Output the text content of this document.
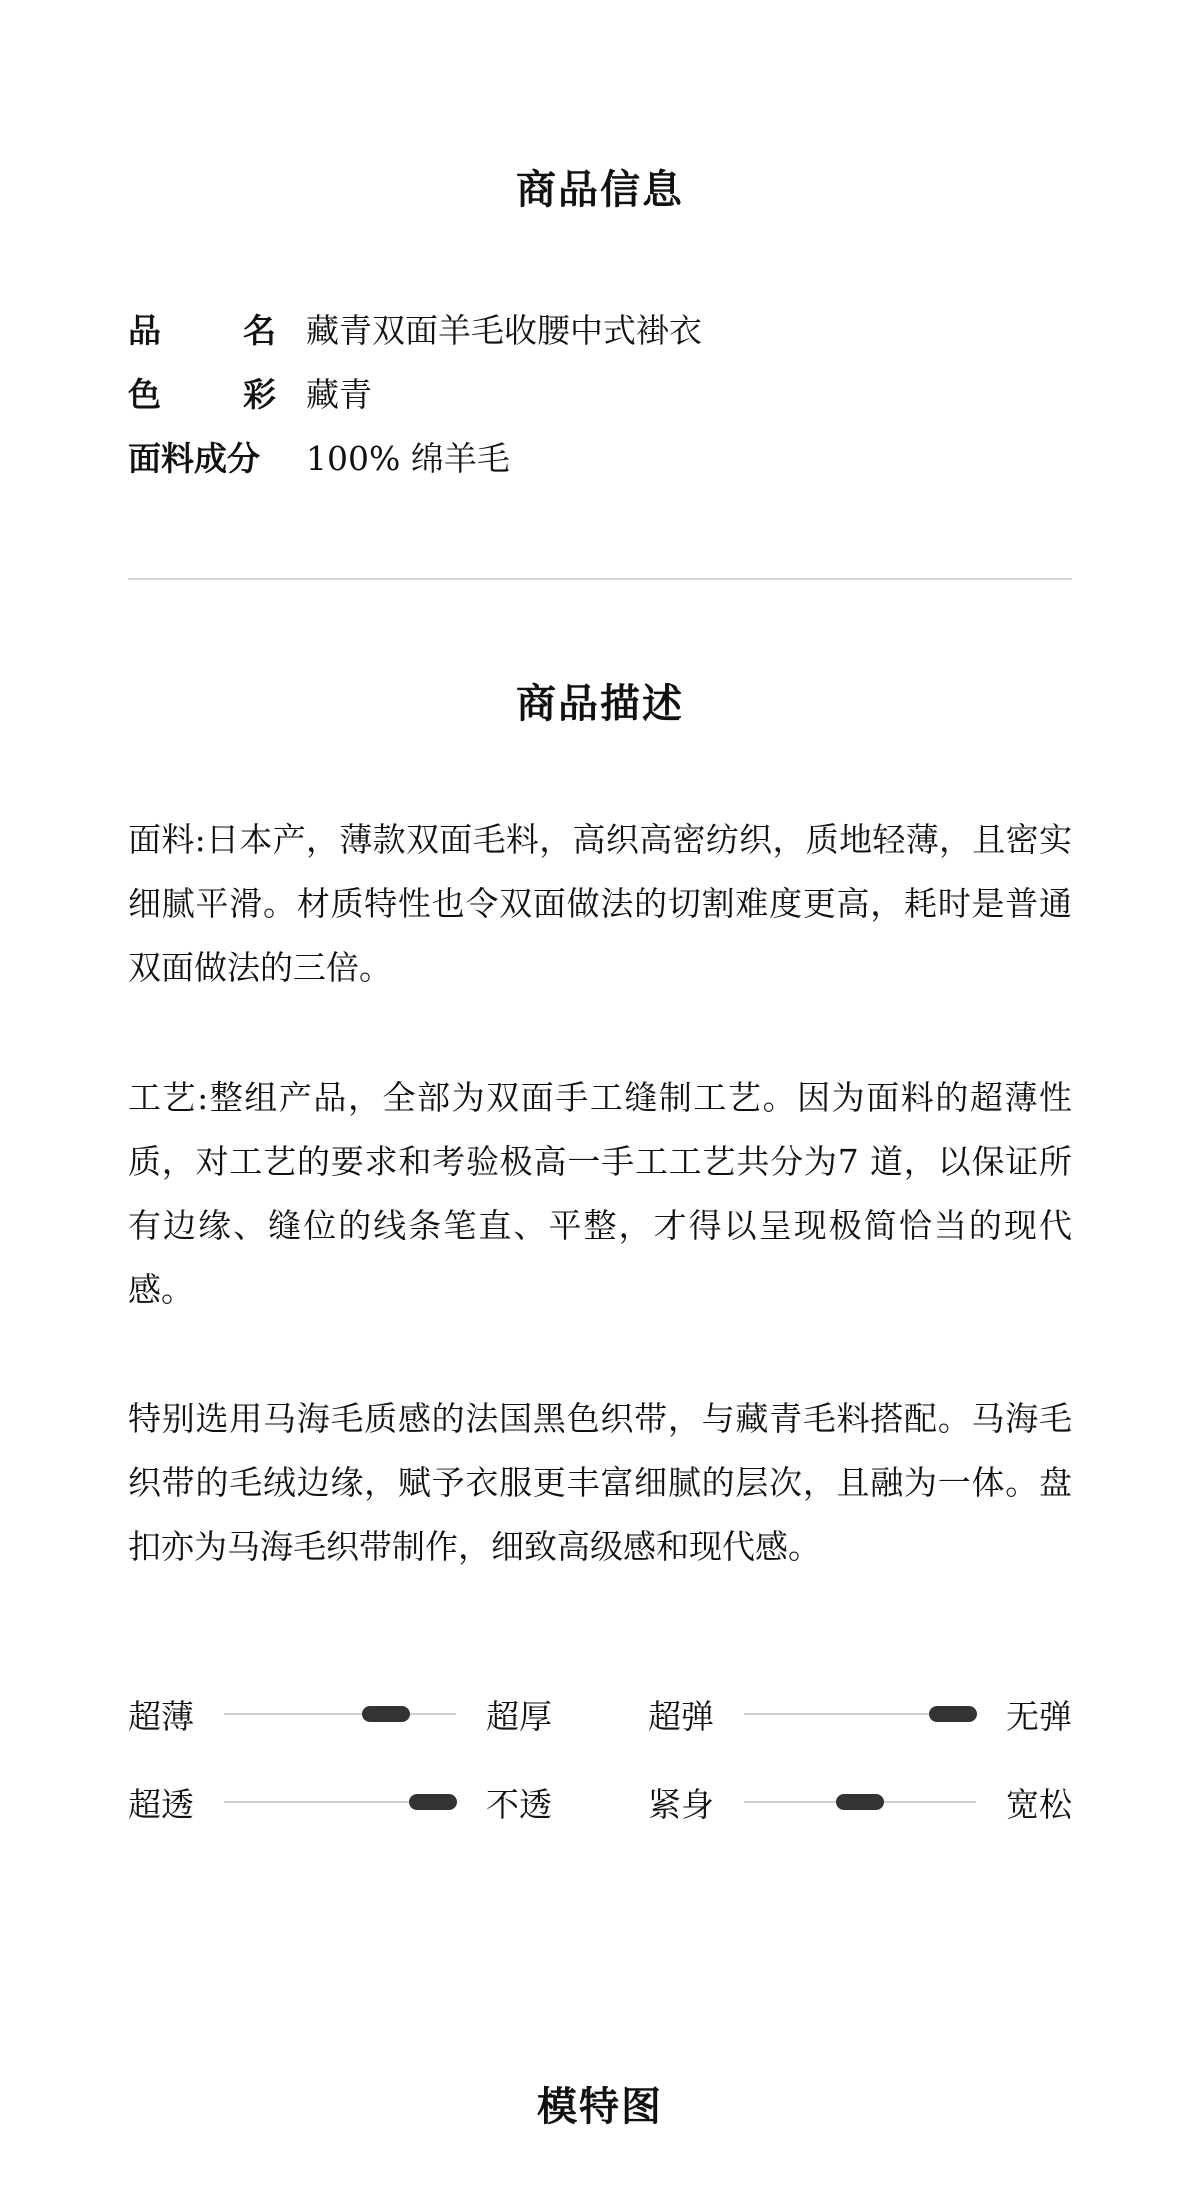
商品信息
品 名 藏青双面羊毛收腰中式褂衣
色 彩 藏青
面料成分	100% 绵羊毛
商品描述

面料:日本产，薄款双面毛料，高织高密纺织，质地轻薄，且密实细腻平滑。材质特性也令双面做法的切割难度更高，耗时是普通双面做法的三倍。

工艺:整组产品，全部为双面手工缝制工艺。因为面料的超薄性质，对工艺的要求和考验极高一手工工艺共分为7 道，以保证所有边缘、缝位的线条笔直、平整，才得以呈现极简恰当的现代感。

特别选用马海毛质感的法国黑色织带，与藏青毛料搭配。马海毛织带的毛绒边缘，赋予衣服更丰富细腻的层次，且融为一体。盘扣亦为马海毛织带制作，细致高级感和现代感。

超薄	超厚	超弹	无弹
超透	不透	紧身	宽松
模特图
